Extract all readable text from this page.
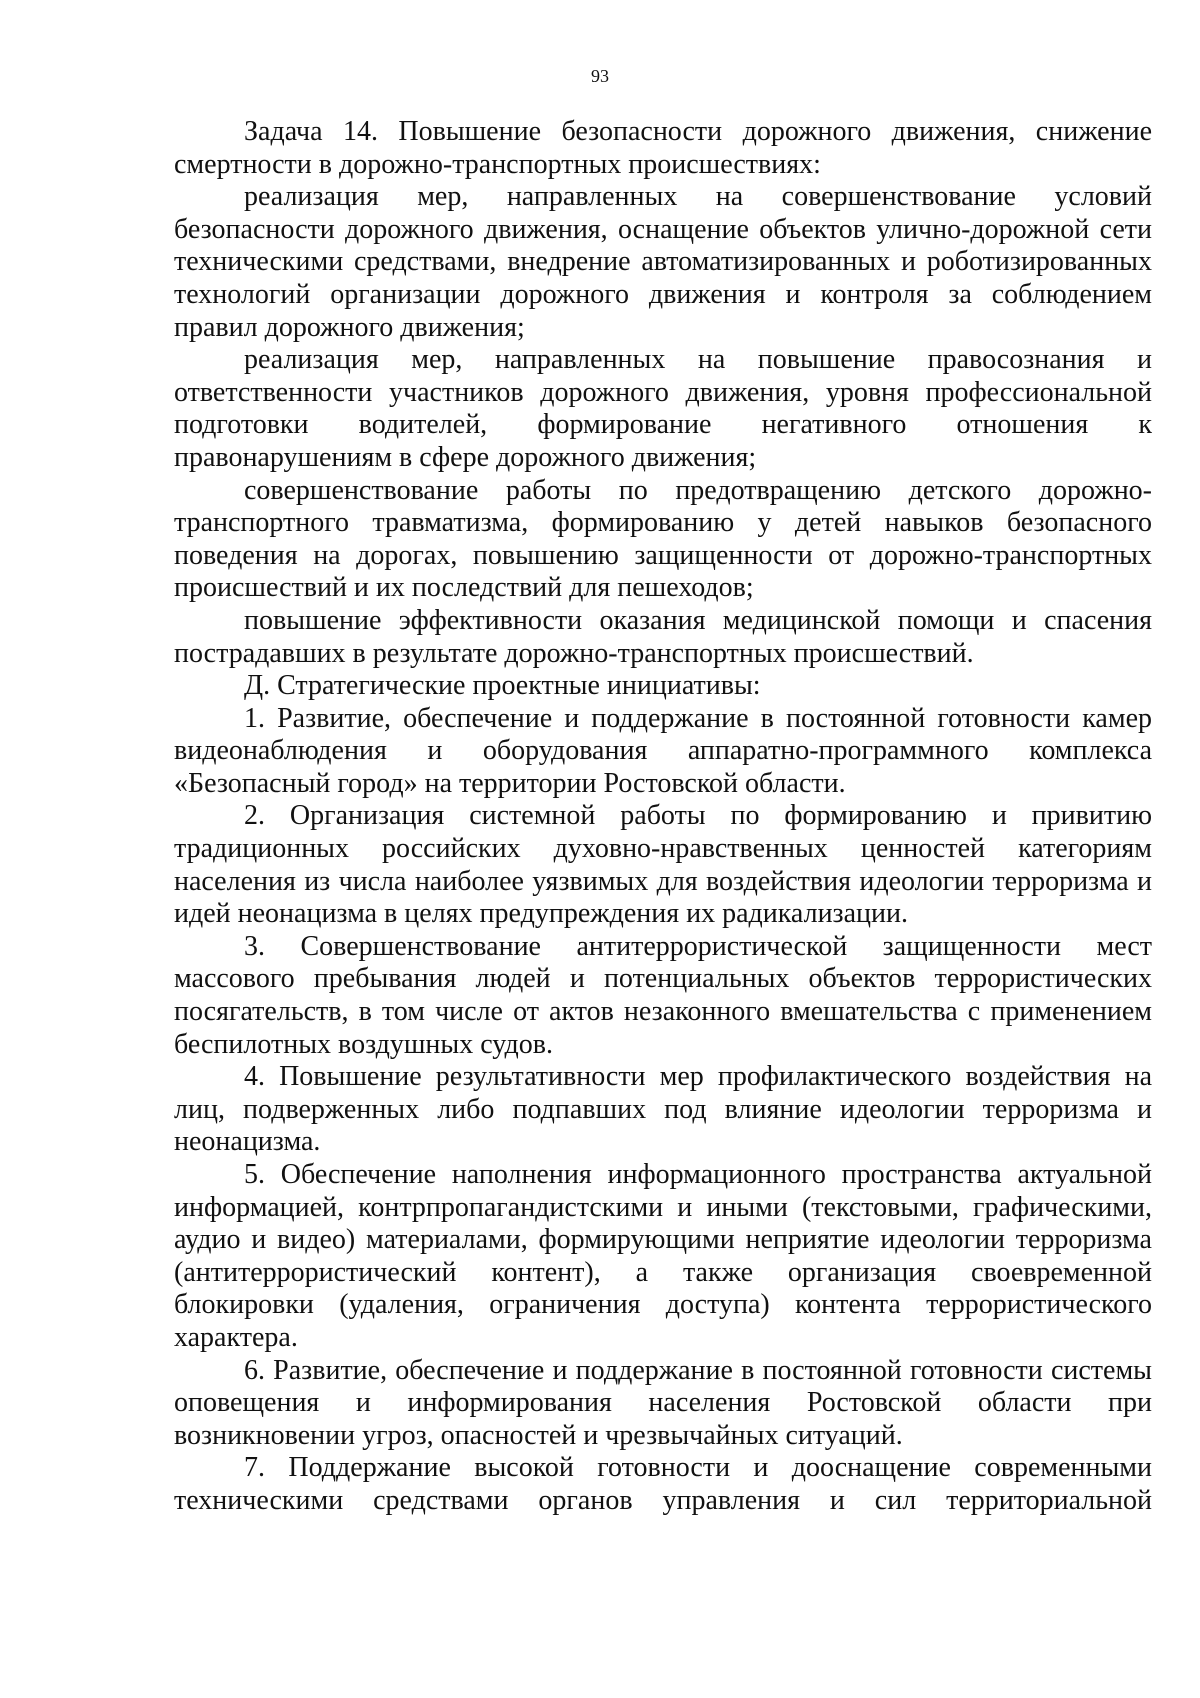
93

Задача 14. Повышение безопасности дорожного движения, снижение смертности в дорожно-транспортных происшествиях:

реализация мер, направленных на совершенствование условий безопасности дорожного движения, оснащение объектов улично-дорожной сети техническими средствами, внедрение автоматизированных и роботизированных технологий организации дорожного движения и контроля за соблюдением правил дорожного движения;

реализация мер, направленных на повышение правосознания и ответственности участников дорожного движения, уровня профессиональной подготовки водителей, формирование негативного отношения к правонарушениям в сфере дорожного движения;

совершенствование работы по предотвращению детского дорожно-транспортного травматизма, формированию у детей навыков безопасного поведения на дорогах, повышению защищенности от дорожно-транспортных происшествий и их последствий для пешеходов;

повышение эффективности оказания медицинской помощи и спасения пострадавших в результате дорожно-транспортных происшествий.

Д. Стратегические проектные инициативы:

1. Развитие, обеспечение и поддержание в постоянной готовности камер видеонаблюдения и оборудования аппаратно-программного комплекса «Безопасный город» на территории Ростовской области.

2. Организация системной работы по формированию и привитию традиционных российских духовно-нравственных ценностей категориям населения из числа наиболее уязвимых для воздействия идеологии терроризма и идей неонацизма в целях предупреждения их радикализации.

3. Совершенствование антитеррористической защищенности мест массового пребывания людей и потенциальных объектов террористических посягательств, в том числе от актов незаконного вмешательства с применением беспилотных воздушных судов.

4. Повышение результативности мер профилактического воздействия на лиц, подверженных либо подпавших под влияние идеологии терроризма и неонацизма.

5. Обеспечение наполнения информационного пространства актуальной информацией, контрпропагандистскими и иными (текстовыми, графическими, аудио и видео) материалами, формирующими неприятие идеологии терроризма (антитеррористический контент), а также организация своевременной блокировки (удаления, ограничения доступа) контента террористического характера.

6. Развитие, обеспечение и поддержание в постоянной готовности системы оповещения и информирования населения Ростовской области при возникновении угроз, опасностей и чрезвычайных ситуаций.

7. Поддержание высокой готовности и дооснащение современными техническими средствами органов управления и сил территориальной
